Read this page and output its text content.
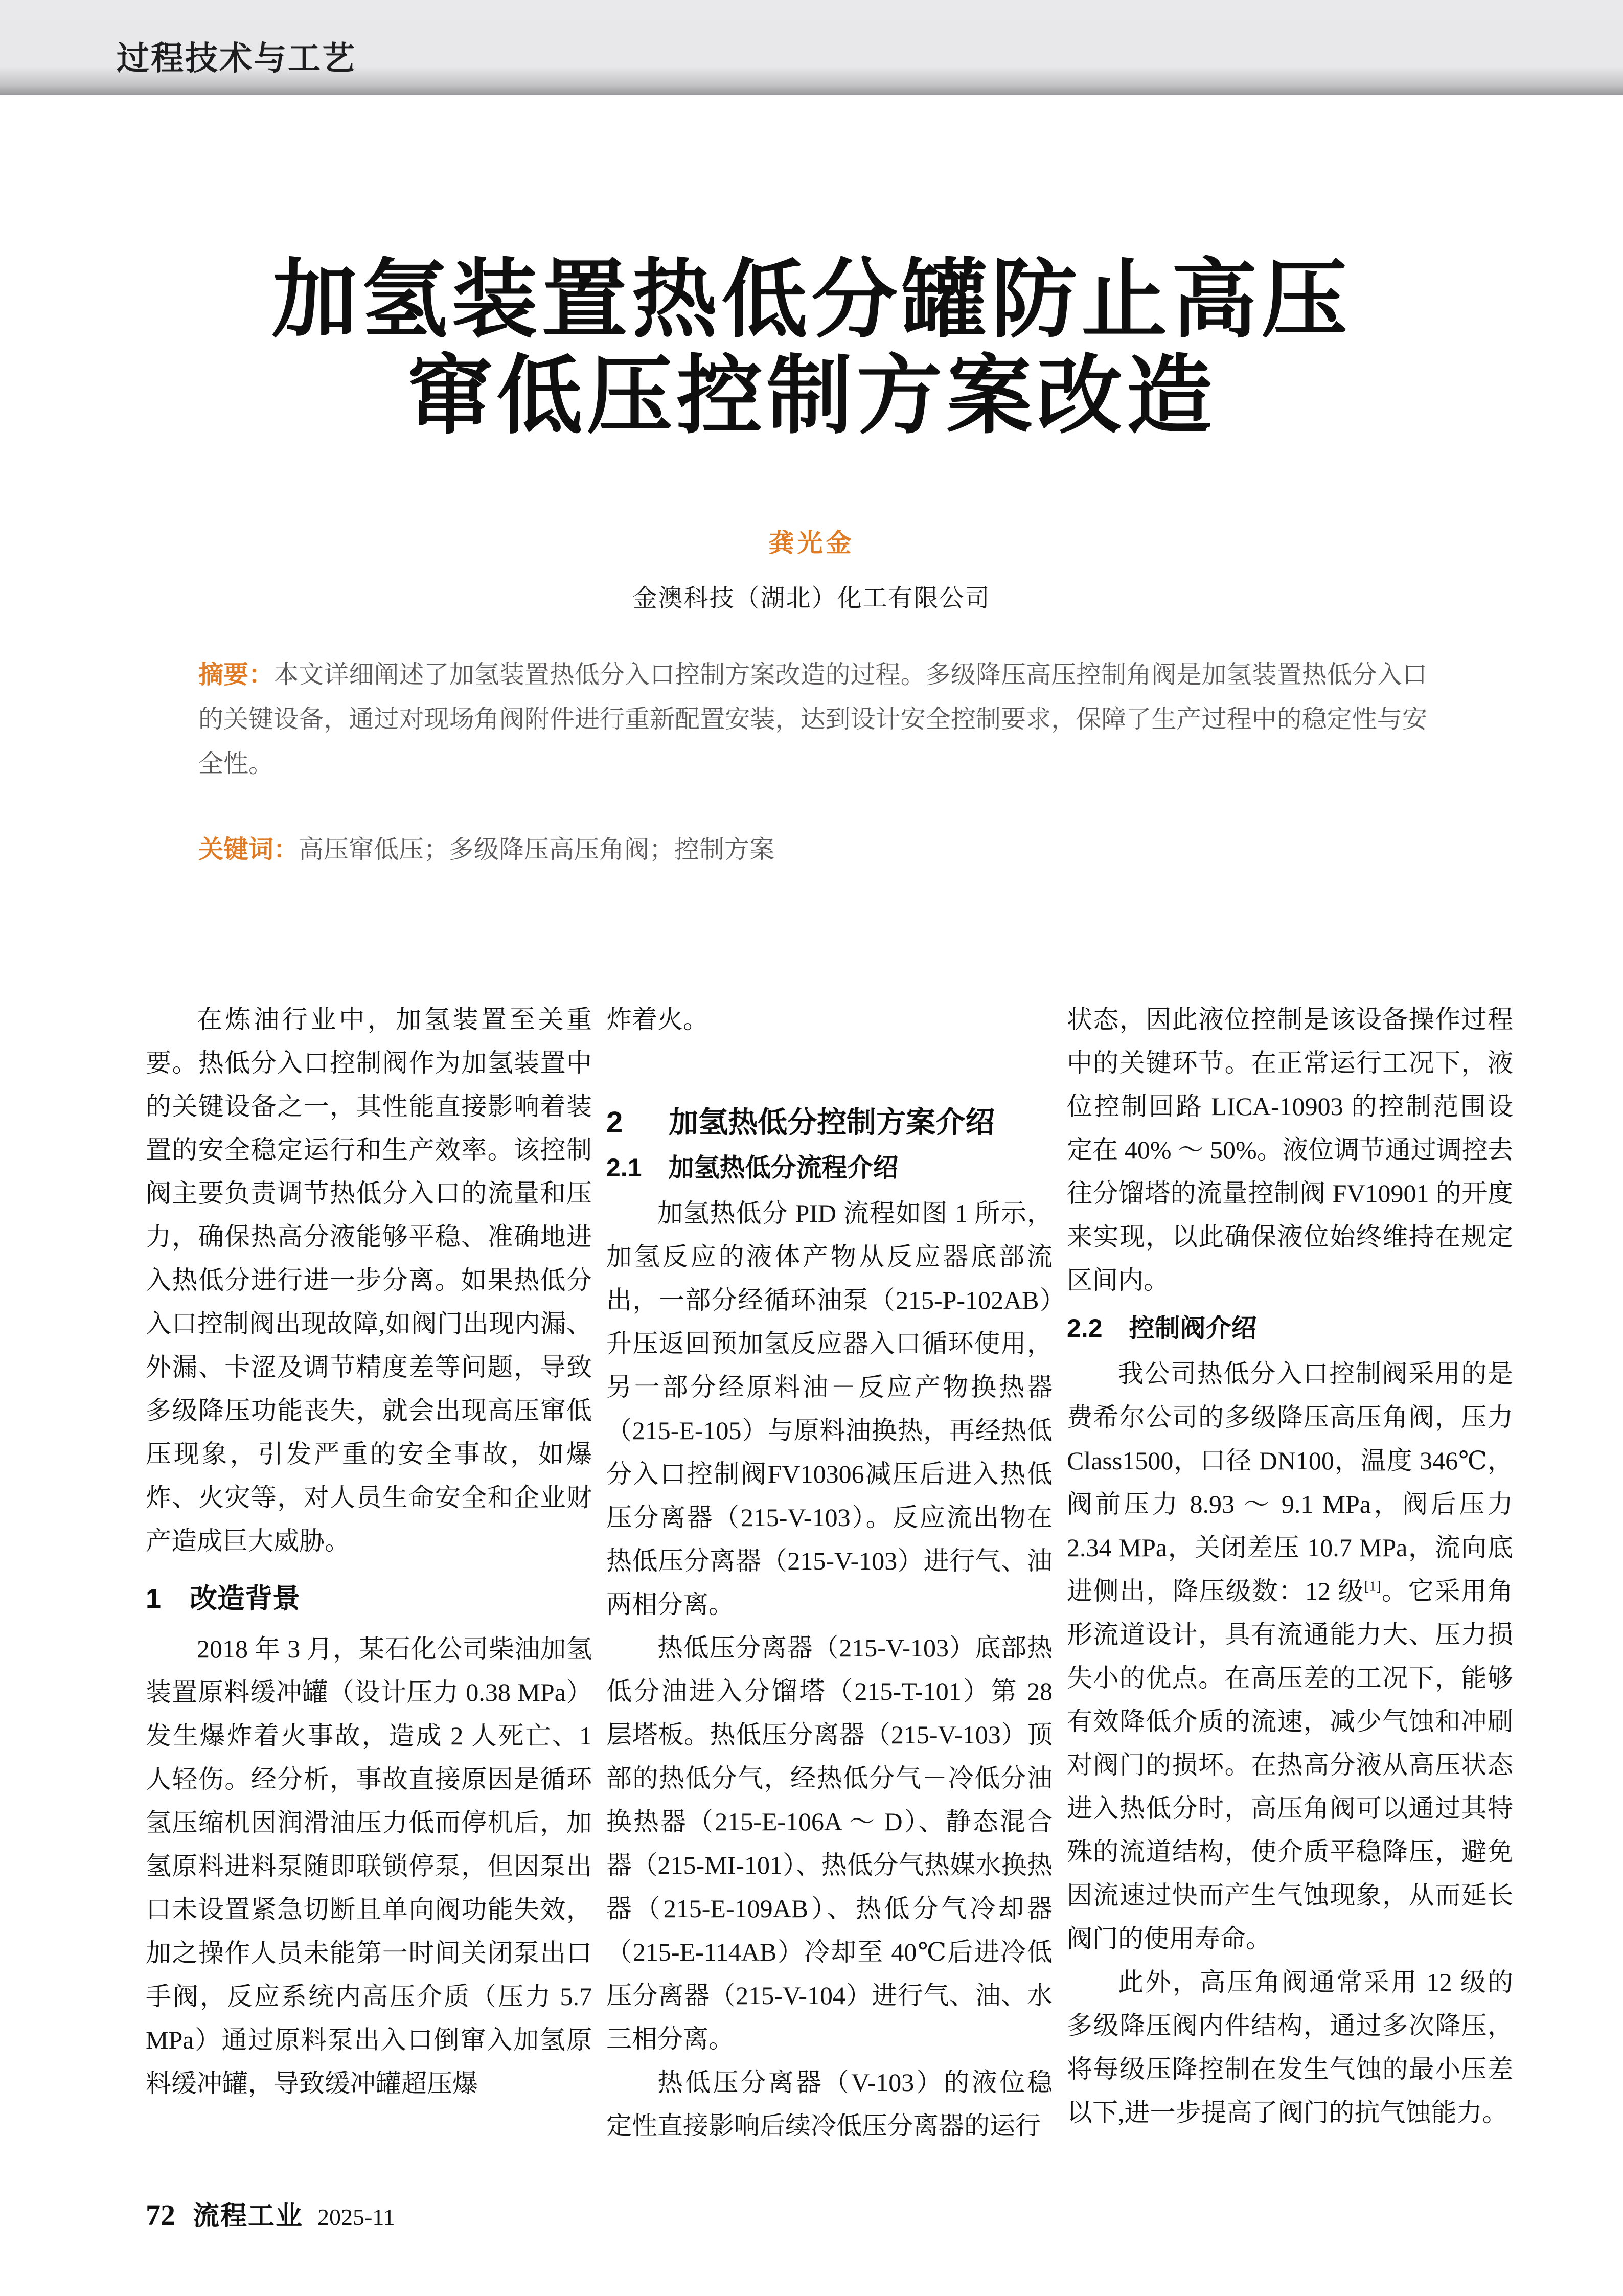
过程技术与工艺
加氢装置热低分罐防止高压
窜低压控制方案改造
龚光金
金澳科技（湖北）化工有限公司
摘要：本文详细阐述了加氢装置热低分入口控制方案改造的过程。多级降压高压控制角阀是加氢装置热低分入口的关键设备，通过对现场角阀附件进行重新配置安装，达到设计安全控制要求，保障了生产过程中的稳定性与安全性。
关键词：高压窜低压；多级降压高压角阀；控制方案

在炼油行业中，加氢装置至关重要。热低分入口控制阀作为加氢装置中的关键设备之一，其性能直接影响着装置的安全稳定运行和生产效率。该控制阀主要负责调节热低分入口的流量和压力，确保热高分液能够平稳、准确地进入热低分进行进一步分离。如果热低分入口控制阀出现故障,如阀门出现内漏、外漏、卡涩及调节精度差等问题，导致多级降压功能丧失，就会出现高压窜低压现象，引发严重的安全事故，如爆炸、火灾等，对人员生命安全和企业财产造成巨大威胁。

1 改造背景

2018 年 3 月，某石化公司柴油加氢装置原料缓冲罐（设计压力 0.38 MPa）发生爆炸着火事故，造成 2 人死亡、1 人轻伤。经分析，事故直接原因是循环氢压缩机因润滑油压力低而停机后，加氢原料进料泵随即联锁停泵，但因泵出口未设置紧急切断且单向阀功能失效，加之操作人员未能第一时间关闭泵出口手阀，反应系统内高压介质（压力 5.7 MPa）通过原料泵出入口倒窜入加氢原料缓冲罐，导致缓冲罐超压爆

炸着火。

2 加氢热低分控制方案介绍
2.1 加氢热低分流程介绍

加氢热低分 PID 流程如图 1 所示，加氢反应的液体产物从反应器底部流出，一部分经循环油泵（215-P-102AB）升压返回预加氢反应器入口循环使用，另一部分经原料油－反应产物换热器（215-E-105）与原料油换热，再经热低分入口控制阀FV10306减压后进入热低压分离器（215-V-103）。反应流出物在热低压分离器（215-V-103）进行气、油两相分离。

热低压分离器（215-V-103）底部热低分油进入分馏塔（215-T-101）第 28 层塔板。热低压分离器（215-V-103）顶部的热低分气，经热低分气－冷低分油换热器（215-E-106A ～ D）、静态混合器（215-MI-101）、热低分气热媒水换热器（215-E-109AB）、热低分气冷却器（215-E-114AB）冷却至 40℃后进冷低压分离器（215-V-104）进行气、油、水三相分离。

热低压分离器（V-103）的液位稳定性直接影响后续冷低压分离器的运行

状态，因此液位控制是该设备操作过程中的关键环节。在正常运行工况下，液位控制回路 LICA-10903 的控制范围设定在 40% ～ 50%。液位调节通过调控去往分馏塔的流量控制阀 FV10901 的开度来实现，以此确保液位始终维持在规定区间内。

2.2 控制阀介绍

我公司热低分入口控制阀采用的是费希尔公司的多级降压高压角阀，压力 Class1500，口径 DN100，温度 346℃，阀前压力 8.93 ～ 9.1 MPa，阀后压力 2.34 MPa，关闭差压 10.7 MPa，流向底进侧出，降压级数：12 级[1]。它采用角形流道设计，具有流通能力大、压力损失小的优点。在高压差的工况下，能够有效降低介质的流速，减少气蚀和冲刷对阀门的损坏。在热高分液从高压状态进入热低分时，高压角阀可以通过其特殊的流道结构，使介质平稳降压，避免因流速过快而产生气蚀现象，从而延长阀门的使用寿命。

此外，高压角阀通常采用 12 级的多级降压阀内件结构，通过多次降压，将每级压降控制在发生气蚀的最小压差以下,进一步提高了阀门的抗气蚀能力。

72 流程工业 2025-11
